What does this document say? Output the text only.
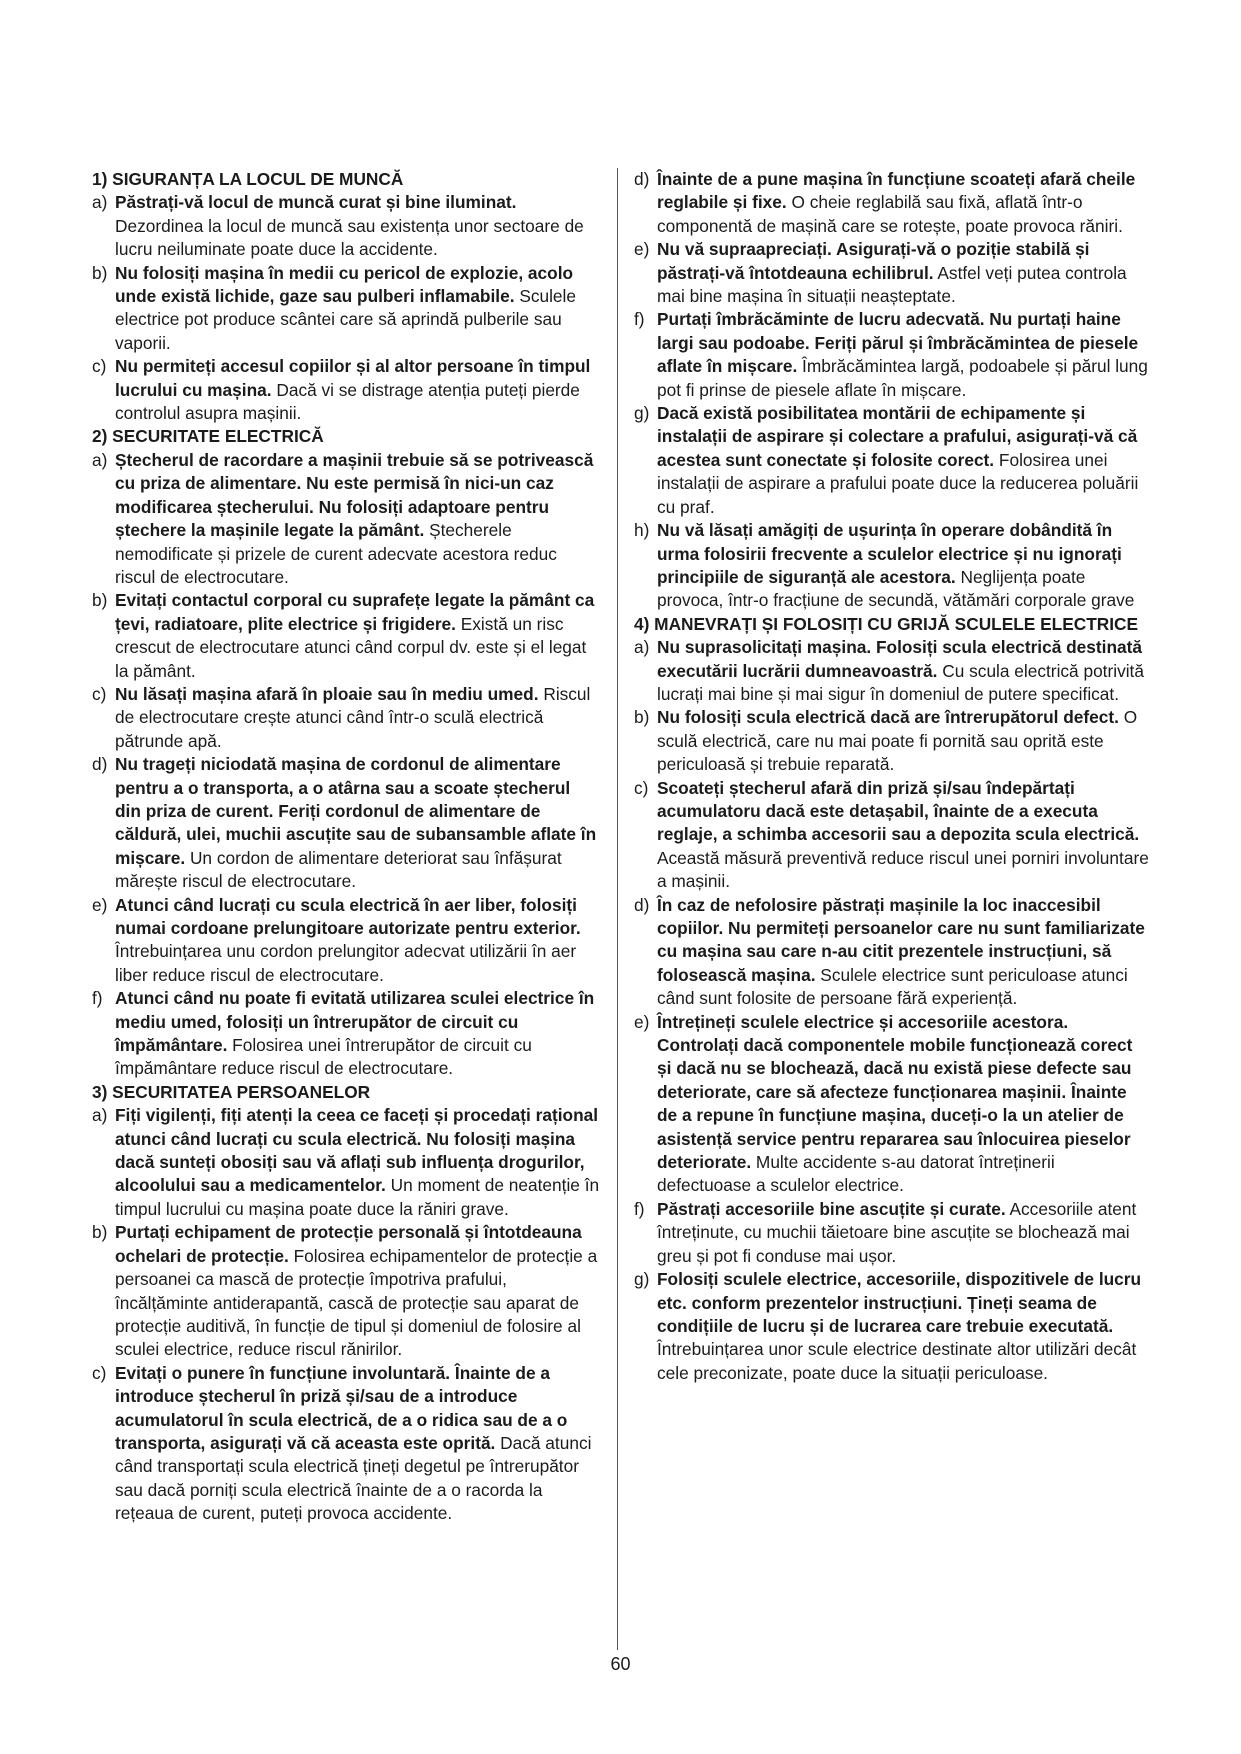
1) SIGURANȚA LA LOCUL DE MUNCĂ
a) Păstrați-vă locul de muncă curat și bine iluminat. Dezordinea la locul de muncă sau existența unor sectoare de lucru neiluminate poate duce la accidente.
b) Nu folosiți mașina în medii cu pericol de explozie, acolo unde există lichide, gaze sau pulberi inflamabile. Sculele electrice pot produce scântei care să aprindă pulberile sau vaporii.
c) Nu permiteți accesul copiilor și al altor persoane în timpul lucrului cu mașina. Dacă vi se distrage atenția puteți pierde controlul asupra mașinii.
2) SECURITATE ELECTRICĂ
a) Ștecherul de racordare a mașinii trebuie să se potrivească cu priza de alimentare. Nu este permisă în nici-un caz modificarea ștecherului. Nu folosiți adaptoare pentru ștechere la mașinile legate la pământ. Ștecherele nemodificate și prizele de curent adecvate acestora reduc riscul de electrocutare.
b) Evitați contactul corporal cu suprafețe legate la pământ ca țevi, radiatoare, plite electrice și frigidere. Există un risc crescut de electrocutare atunci când corpul dv. este și el legat la pământ.
c) Nu lăsați mașina afară în ploaie sau în mediu umed. Riscul de electrocutare crește atunci când într-o sculă electrică pătrunde apă.
d) Nu trageți niciodată mașina de cordonul de alimentare pentru a o transporta, a o atârna sau a scoate ștecherul din priza de curent. Feriți cordonul de alimentare de căldură, ulei, muchii ascuțite sau de subansamble aflate în mișcare. Un cordon de alimentare deteriorat sau înfășurat mărește riscul de electrocutare.
e) Atunci când lucrați cu scula electrică în aer liber, folosiți numai cordoane prelungitoare autorizate pentru exterior. Întrebuințarea unu cordon prelungitor adecvat utilizării în aer liber reduce riscul de electrocutare.
f) Atunci când nu poate fi evitată utilizarea sculei electrice în mediu umed, folosiți un întrerupător de circuit cu împământare. Folosirea unei întrerupător de circuit cu împământare reduce riscul de electrocutare.
3) SECURITATEA PERSOANELOR
a) Fiți vigilenți, fiți atenți la ceea ce faceți și procedați rațional atunci când lucrați cu scula electrică. Nu folosiți mașina dacă sunteți obosiți sau vă aflați sub influența drogurilor, alcoolului sau a medicamentelor. Un moment de neatenție în timpul lucrului cu mașina poate duce la răniri grave.
b) Purtați echipament de protecție personală și întotdeauna ochelari de protecție. Folosirea echipamentelor de protecție a persoanei ca mască de protecție împotriva prafului, încălțăminte antiderapantă, cască de protecție sau aparat de protecție auditivă, în funcție de tipul și domeniul de folosire al sculei electrice, reduce riscul rănirilor.
c) Evitați o punere în funcțiune involuntară. Înainte de a introduce ștecherul în priză și/sau de a introduce acumulatorul în scula electrică, de a o ridica sau de a o transporta, asigurați vă că aceasta este oprită. Dacă atunci când transportați scula electrică țineți degetul pe întrerupător sau dacă porniți scula electrică înainte de a o racorda la rețeaua de curent, puteți provoca accidente.
d) Înainte de a pune mașina în funcțiune scoateți afară cheile reglabile și fixe. O cheie reglabilă sau fixă, aflată într-o componentă de mașină care se rotește, poate provoca răniri.
e) Nu vă supraapreciați. Asigurați-vă o poziție stabilă și păstrați-vă întotdeauna echilibrul. Astfel veți putea controla mai bine mașina în situații neașteptate.
f) Purtați îmbrăcăminte de lucru adecvată. Nu purtați haine largi sau podoabe. Feriți părul și îmbrăcămintea de piesele aflate în mișcare. Îmbrăcămintea largă, podoabele și părul lung pot fi prinse de piesele aflate în mișcare.
g) Dacă există posibilitatea montării de echipamente și instalații de aspirare și colectare a prafului, asigurați-vă că acestea sunt conectate și folosite corect. Folosirea unei instalații de aspirare a prafului poate duce la reducerea poluării cu praf.
h) Nu vă lăsați amăgiți de ușurința în operare dobândită în urma folosirii frecvente a sculelor electrice și nu ignorați principiile de siguranță ale acestora. Neglijența poate provoca, într-o fracțiune de secundă, vătămări corporale grave
4) MANEVRAȚI ȘI FOLOSIȚI CU GRIJĂ SCULELE ELECTRICE
a) Nu suprasolicitați mașina. Folosiți scula electrică destinată executării lucrării dumneavoastră. Cu scula electrică potrivită lucrați mai bine și mai sigur în domeniul de putere specificat.
b) Nu folosiți scula electrică dacă are întrerupătorul defect. O sculă electrică, care nu mai poate fi pornită sau oprită este periculoasă și trebuie reparată.
c) Scoateți ștecherul afară din priză și/sau îndepărtați acumulatoru dacă este detașabil, înainte de a executa reglaje, a schimba accesorii sau a depozita scula electrică. Această măsură preventivă reduce riscul unei porniri involuntare a mașinii.
d) În caz de nefolosire păstrați mașinile la loc inaccesibil copiilor. Nu permiteți persoanelor care nu sunt familiarizate cu mașina sau care n-au citit prezentele instrucțiuni, să folosească mașina. Sculele electrice sunt periculoase atunci când sunt folosite de persoane fără experiență.
e) Întrețineți sculele electrice și accesoriile acestora. Controlați dacă componentele mobile funcționează corect și dacă nu se blochează, dacă nu există piese defecte sau deteriorate, care să afecteze funcționarea mașinii. Înainte de a repune în funcțiune mașina, duceți-o la un atelier de asistență service pentru repararea sau înlocuirea pieselor deteriorate. Multe accidente s-au datorat întreținerii defectuoase a sculelor electrice.
f) Păstrați accesoriile bine ascuțite și curate. Accesoriile atent întreținute, cu muchii tăietoare bine ascuțite se blochează mai greu și pot fi conduse mai ușor.
g) Folosiți sculele electrice, accesoriile, dispozitivele de lucru etc. conform prezentelor instrucțiuni. Țineți seama de condițiile de lucru și de lucrarea care trebuie executată. Întrebuințarea unor scule electrice destinate altor utilizări decât cele preconizate, poate duce la situații periculoase.
60
